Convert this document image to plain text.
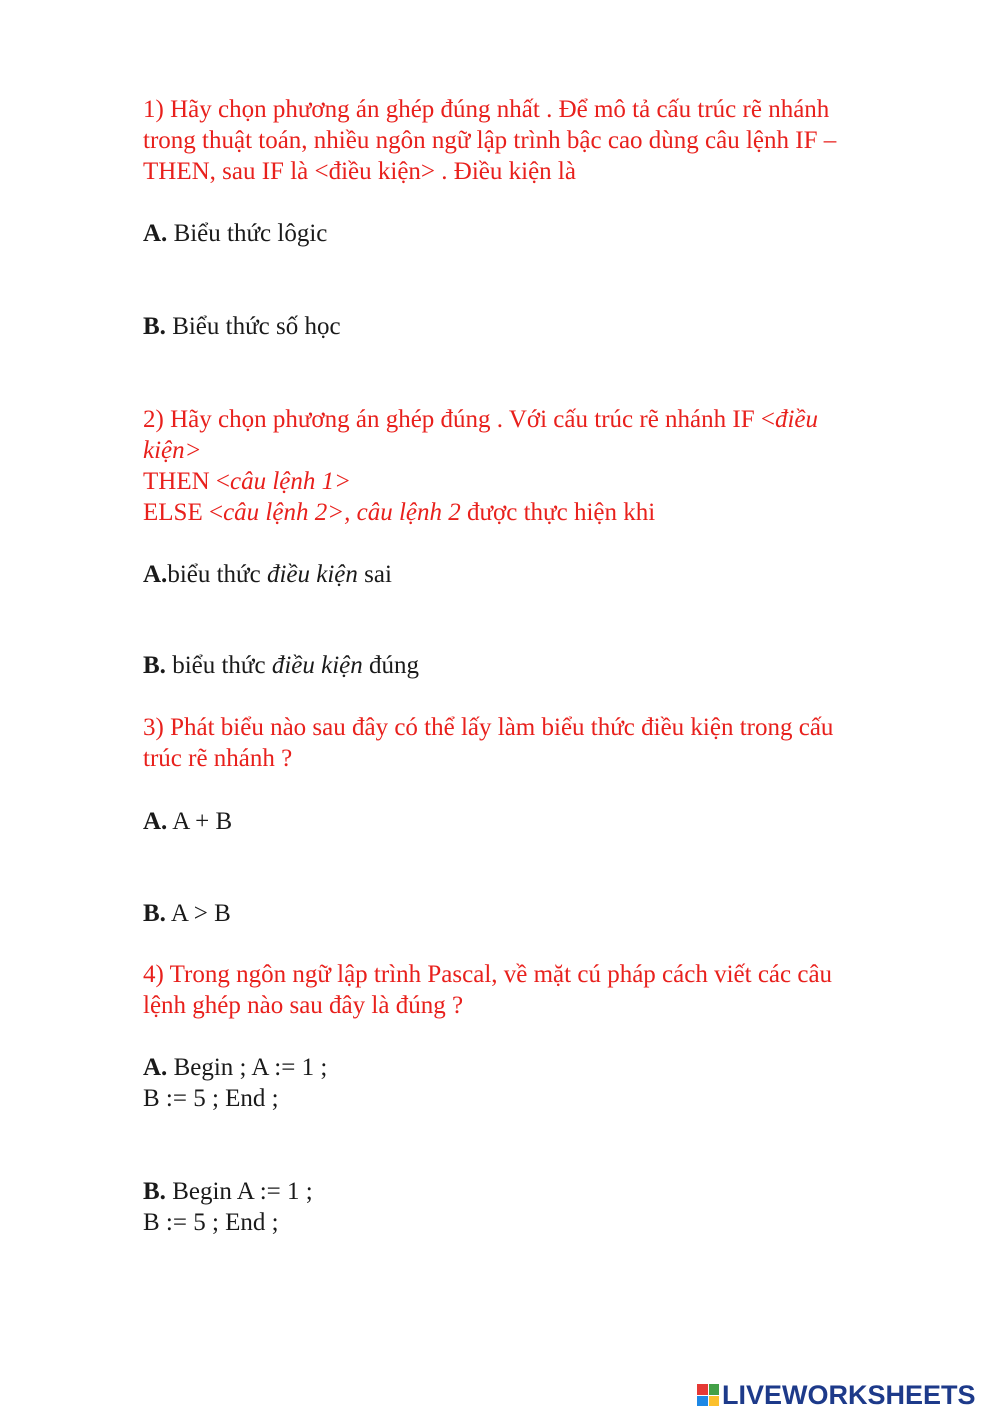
1) Hãy chọn phương án ghép đúng nhất . Để mô tả cấu trúc rẽ nhánh
trong thuật toán, nhiều ngôn ngữ lập trình bậc cao dùng câu lệnh IF –
THEN, sau IF là <điều kiện> . Điều kiện là
A. Biểu thức lôgic
B. Biểu thức số học
2) Hãy chọn phương án ghép đúng . Với cấu trúc rẽ nhánh IF <điều
kiện>
THEN <câu lệnh 1>
ELSE <câu lệnh 2>, câu lệnh 2 được thực hiện khi
A.biểu thức điều kiện sai
B. biểu thức điều kiện đúng
3) Phát biểu nào sau đây có thể lấy làm biểu thức điều kiện trong cấu
trúc rẽ nhánh ?
A. A + B
B. A > B
4) Trong ngôn ngữ lập trình Pascal, về mặt cú pháp cách viết các câu
lệnh ghép nào sau đây là đúng ?
A. Begin ; A := 1 ;
B := 5 ; End ;
B. Begin A := 1 ;
B := 5 ; End ;
LIVEWORKSHEETS
